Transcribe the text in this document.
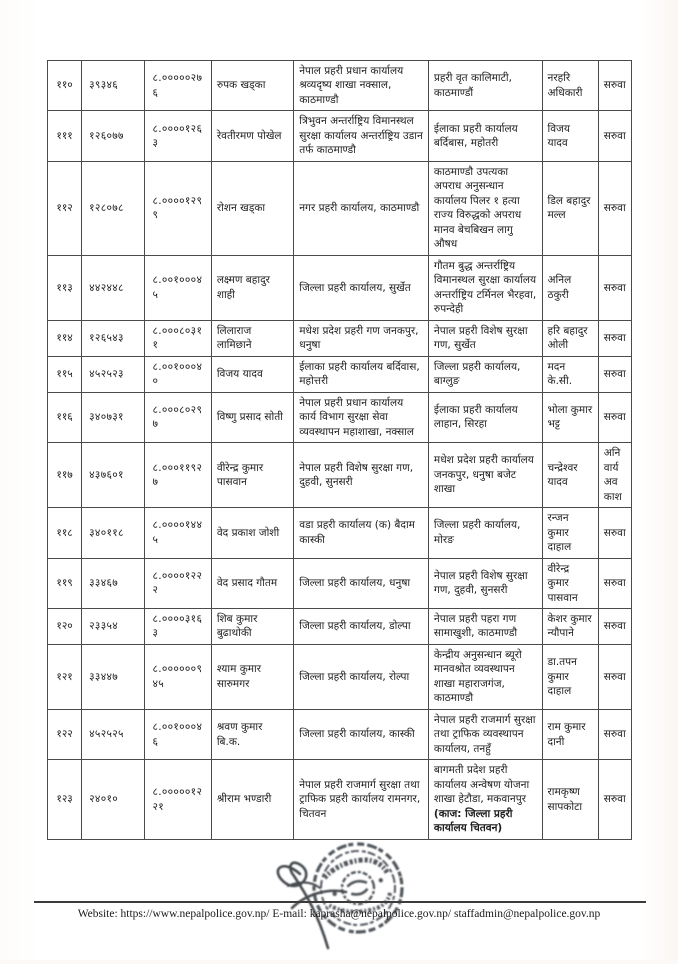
११०	३९३४६	८.०००००२७६	रुपक खड्का	नेपाल प्रहरी प्रधान कार्यालय श्रव्यदृष्य शाखा नक्साल, काठमाण्डौ	प्रहरी वृत कालिमाटी, काठमाण्डौं	नरहरि अधिकारी	सरुवा
१११	१२६०७७	८.००००१२६३	रेवतीरमण पोखेल	त्रिभुवन अन्तर्राष्ट्रिय विमानस्थल सुरक्षा कार्यालय अन्तर्राष्ट्रिय उडान तर्फ काठमाण्डौ	ईलाका प्रहरी कार्यालय बर्दिबास, महोतरी	विजय यादव	सरुवा
११२	१२८०७८	८.००००१२९९	रोशन खड्का	नगर प्रहरी कार्यालय, काठमाण्डौ	काठमाण्डौ उपत्यका अपराध अनुसन्धान कार्यालय पिलर १ हत्या राज्य विरुद्धको अपराध मानव बेचबिखन लागु औषध	डिल बहादुर मल्ल	सरुवा
११३	४४२४४८	८.००१०००४५	लक्ष्मण बहादुर शाही	जिल्ला प्रहरी कार्यालय, सुर्खेत	गौतम बुद्ध अन्तर्राष्ट्रिय विमानस्थल सुरक्षा कार्यालय अन्तर्राष्ट्रिय टर्मिनल भैरहवा, रुपन्देही	अनिल ठकुरी	सरुवा
११४	१२६५४३	८.०००८०३११	लिलाराज लामिछाने	मधेश प्रदेश प्रहरी गण जनकपुर, धनुषा	नेपाल प्रहरी विशेष सुरक्षा गण, सुर्खेत	हरि बहादुर ओली	सरुवा
११५	४५२५२३	८.००१०००४०	विजय यादव	ईलाका प्रहरी कार्यालय बर्दिवास, महोत्तरी	जिल्ला प्रहरी कार्यालय, बाग्लुङ	मदन के.सी.	सरुवा
११६	३४०७३१	८.०००८०२९७	विष्णु प्रसाद सोती	नेपाल प्रहरी प्रधान कार्यालय कार्य विभाग सुरक्षा सेवा व्यवस्थापन महाशाखा, नक्साल	ईलाका प्रहरी कार्यालय लाहान, सिरहा	भोला कुमार भट्ट	सरुवा
११७	४३७६०१	८.०००११९२७	वीरेन्द्र कुमार पासवान	नेपाल प्रहरी विशेष सुरक्षा गण, दुहवी, सुनसरी	मधेश प्रदेश प्रहरी कार्यालय जनकपुर, धनुषा बजेट शाखा	चन्द्रेश्वर यादव	अनिवार्य अवकाश
११८	३४०११८	८.००००१४४५	वेद प्रकाश जोशी	वडा प्रहरी कार्यालय (क) बैदाम कास्की	जिल्ला प्रहरी कार्यालय, मोरङ	रन्जन कुमार दाहाल	सरुवा
११९	३३४६७	८.००००१२२२	वेद प्रसाद गौतम	जिल्ला प्रहरी कार्यालय, धनुषा	नेपाल प्रहरी विशेष सुरक्षा गण, दुहवी, सुनसरी	वीरेन्द्र कुमार पासवान	सरुवा
१२०	२३३५४	८.००००३१६३	शिब कुमार बुढाथोकी	जिल्ला प्रहरी कार्यालय, डोल्पा	नेपाल प्रहरी पहरा गण सामाखुशी, काठमाण्डौ	केशर कुमार न्यौपाने	सरुवा
१२१	३३४४७	८.००००००९४५	श्याम कुमार सारुमगर	जिल्ला प्रहरी कार्यालय, रोल्पा	केन्द्रीय अनुसन्धान ब्यूरो मानवश्रोत व्यवस्थापन शाखा महाराजगंज, काठमाण्डौ	डा.तपन कुमार दाहाल	सरुवा
१२२	४५२५२५	८.००१०००४६	श्रवण कुमार बि.क.	जिल्ला प्रहरी कार्यालय, कास्की	नेपाल प्रहरी राजमार्ग सुरक्षा तथा ट्राफिक व्यवस्थापन कार्यालय, तनहुँ	राम कुमार दानी	सरुवा
१२३	२४०१०	८.०००००१२२१	श्रीराम भण्डारी	नेपाल प्रहरी राजमार्ग सुरक्षा तथा ट्राफिक प्रहरी कार्यालय रामनगर, चितवन	बागमती प्रदेश प्रहरी कार्यालय अन्वेषण योजना शाखा हेटौडा, मकवानपुर (काज: जिल्ला प्रहरी कार्यालय चितवन)	रामकृष्ण सापकोटा	सरुवा
Website: https://www.nepalpolice.gov.np/ E-mail: kaprasha@nepalpolice.gov.np/ staffadmin@nepalpolice.gov.np
